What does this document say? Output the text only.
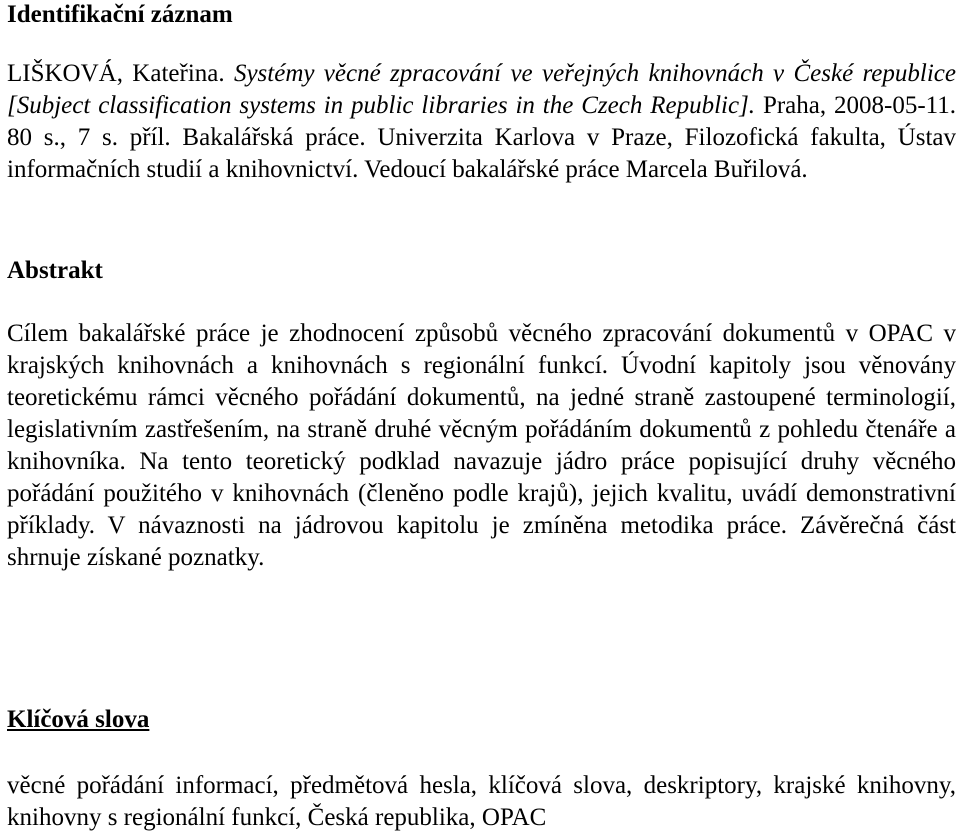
Identifikační záznam

LIŠKOVÁ, Kateřina. Systémy věcné zpracování ve veřejných knihovnách v České republice [Subject classification systems in public libraries in the Czech Republic]. Praha, 2008-05-11. 80 s., 7 s. příl. Bakalářská práce. Univerzita Karlova v Praze, Filozofická fakulta, Ústav informačních studií a knihovnictví. Vedoucí bakalářské práce Marcela Buřilová.

Abstrakt

Cílem bakalářské práce je zhodnocení způsobů věcného zpracování dokumentů v OPAC v krajských knihovnách a knihovnách s regionální funkcí. Úvodní kapitoly jsou věnovány teoretickému rámci věcného pořádání dokumentů, na jedné straně zastoupené terminologií, legislativním zastřešením, na straně druhé věcným pořádáním dokumentů z pohledu čtenáře a knihovníka. Na tento teoretický podklad navazuje jádro práce popisující druhy věcného pořádání použitého v knihovnách (členěno podle krajů), jejich kvalitu, uvádí demonstrativní příklady. V návaznosti na jádrovou kapitolu je zmíněna metodika práce. Závěrečná část shrnuje získané poznatky.

Klíčová slova

věcné pořádání informací, předmětová hesla, klíčová slova, deskriptory, krajské knihovny, knihovny s regionální funkcí, Česká republika, OPAC
